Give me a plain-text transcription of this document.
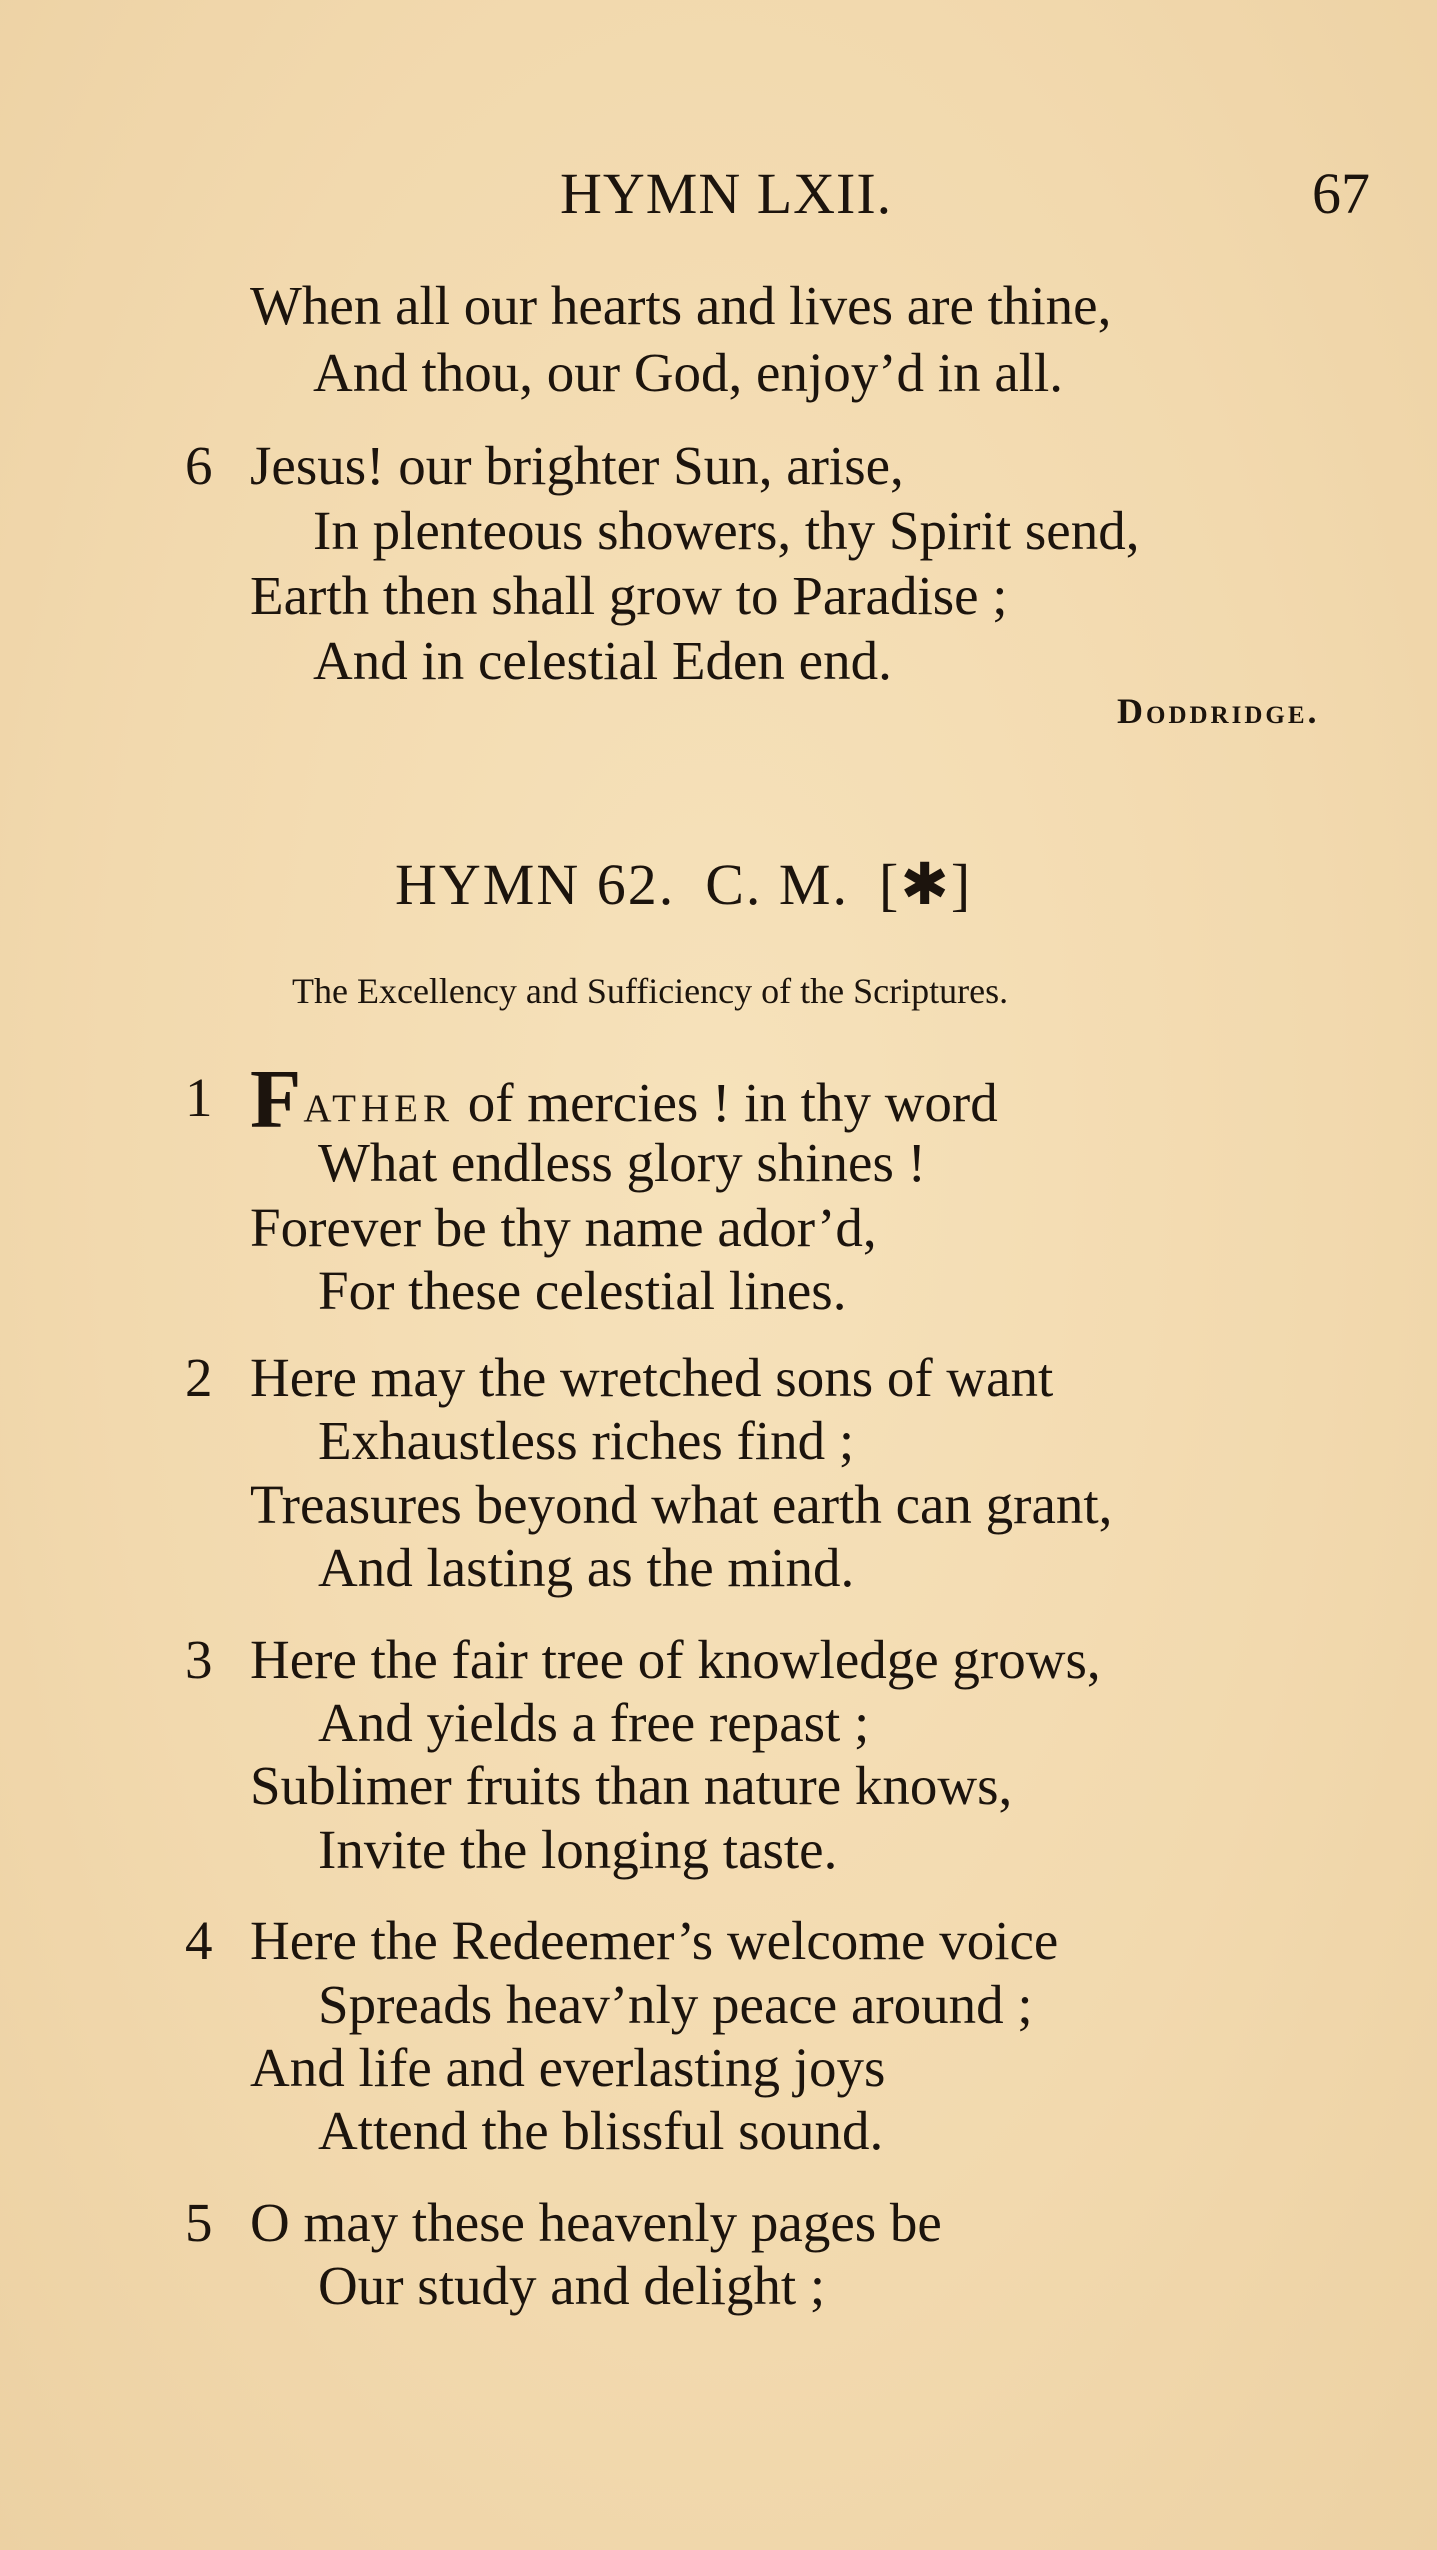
HYMN LXII.	67
When all our hearts and lives are thine,
And thou, our God, enjoy’d in all.
6 Jesus! our brighter Sun, arise,
In plenteous showers, thy Spirit send,
Earth then shall grow to Paradise ;
And in celestial Eden end.
Doddridge.
HYMN 62. C. M. [✱]
The Excellency and Sufficiency of the Scriptures.
1 Father of mercies ! in thy word
What endless glory shines !
Forever be thy name ador’d,
For these celestial lines.
2 Here may the wretched sons of want
Exhaustless riches find ;
Treasures beyond what earth can grant,
And lasting as the mind.
3 Here the fair tree of knowledge grows,
And yields a free repast ;
Sublimer fruits than nature knows,
Invite the longing taste.
4 Here the Redeemer’s welcome voice
Spreads heav’nly peace around ;
And life and everlasting joys
Attend the blissful sound.
5 O may these heavenly pages be
Our study and delight ;
